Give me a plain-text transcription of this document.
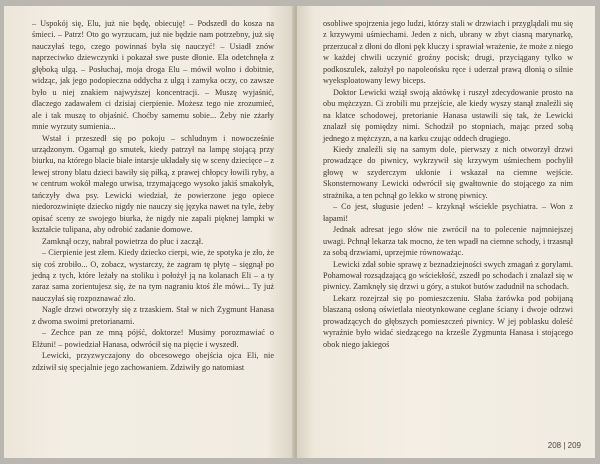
– Uspokój się, Elu, już nie będę, obiecuję! – Podszedł do kosza na śmieci. – Patrz! Oto go wyrzucam, już nie będzie nam potrzebny, już się nauczyłaś tego, czego powinnaś była się nauczyć! – Usiadł znów naprzeciwko dziewczynki i pokazał swe puste dłonie. Ela odetchnęła z głęboką ulgą. – Posłuchaj, moja droga Elu – mówił wolno i dobitnie, widząc, jak jego podopieczna oddycha z ulgą i zamyka oczy, co zawsze było u niej znakiem najwyższej koncentracji. – Muszę wyjaśnić, dlaczego zadawałem ci dzisiaj cierpienie. Możesz tego nie zrozumieć, ale i tak muszę to objaśnić. Choćby samemu sobie... Żeby nie zżarły mnie wyrzuty sumienia...

Wstał i przeszedł się po pokoju – schludnym i nowocześnie urządzonym. Ogarnął go smutek, kiedy patrzył na lampę stojącą przy biurku, na którego blacie białe intarsje układały się w sceny dziecięce – z lewej strony blatu dzieci bawiły się piłką, z prawej chłopcy łowili ryby, a w centrum wokół małego urwisa, trzymającego wysoko jakiś smakołyk, tańczyły dwa psy. Lewicki wiedział, że powierzone jego opiece niedorozwinięte dziecko nigdy nie nauczy się języka nawet na tyle, żeby opisać sceny ze swojego biurka, że nigdy nie zapali pięknej lampki w kształcie tulipana, aby odrobić zadanie domowe.

Zamknął oczy, nabrał powietrza do płuc i zaczął.

– Cierpienie jest złem. Kiedy dziecko cierpi, wie, że spotyka je zło, że się coś zrobiło... O, zobacz, wystarczy, że zagram tę płytę – sięgnął po jedną z tych, które leżały na stoliku i położył ją na kolanach Eli – a ty zaraz sama zorientujesz się, że na tym nagraniu ktoś źle mówi... Ty już nauczyłaś się rozpoznawać zło.

Nagle drzwi otworzyły się z trzaskiem. Stał w nich Zygmunt Hanasa z dwoma swoimi pretorianami.

– Zechce pan ze mną pójść, doktorze! Musimy porozmawiać o Elżuni! – powiedział Hanasa, odwrócił się na pięcie i wyszedł.

Lewicki, przyzwyczajony do obcesowego obejścia ojca Eli, nie zdziwił się specjalnie jego zachowaniem. Zdziwiły go natomiast

osobliwe spojrzenia jego ludzi, którzy stali w drzwiach i przyglądali mu się z krzywymi uśmiechami. Jeden z nich, ubrany w zbyt ciasną marynarkę, przerzucał z dłoni do dłoni pęk kluczy i sprawiał wrażenie, że może z niego w każdej chwili uczynić groźny pocisk; drugi, przyciągany tylko w podkoszulek, założył po napoleońsku ręce i uderzał prawą dłonią o silnie wyeksploatowany lewy biceps.

Doktor Lewicki wziął swoją aktówkę i ruszył zdecydowanie prosto na obu mężczyzn. Ci zrobili mu przejście, ale kiedy wyszy stanął znaleźli się na klatce schodowej, pretorianie Hanasa ustawili się tak, że Lewicki znalazł się pomiędzy nimi. Schodził po stopniach, mając przed sobą jednego z mężczyzn, a na karku czując oddech drugiego.

Kiedy znaleźli się na samym dole, pierwszy z nich otworzył drzwi prowadzące do piwnicy, wykrzywił się krzywym uśmiechem pochylił głowę w szyderczym ukłonie i wskazał na ciemne wejście. Skonsternowany Lewicki odwrócił się gwałtownie do stojącego za nim strażnika, a ten pchnął go lekko w stronę piwnicy.

– Co jest, sługusie jeden! – krzyknął wściekle psychiatra. – Won z łapami!

Jednak adresat jego słów nie zwrócił na to polecenie najmniejszej uwagi. Pchnął lekarza tak mocno, że ten wpadł na ciemne schody, i trzasnął za sobą drzwiami, uprzejmie równoważąc.

Lewicki zdał sobie sprawę z beznadziejności swych zmagań z gorylami. Pohamował rozsądzającą go wściekłość, zszedł po schodach i znalazł się w piwnicy. Zamknęły się drzwi u góry, a stukot butów zadudnił na schodach.

Lekarz rozejrzał się po pomieszczeniu. Słaba żarówka pod pobijaną blaszaną osłoną oświetlała nieotynkowane ceglane ściany i dwoje odrzwi prowadzących do głębszych pomieszczeń piwnicy. W jej poblasku doleść wyraźnie było widać siedzącego na krześle Zygmunta Hanasa i stojącego obok niego jakiegoś

208 | 209
